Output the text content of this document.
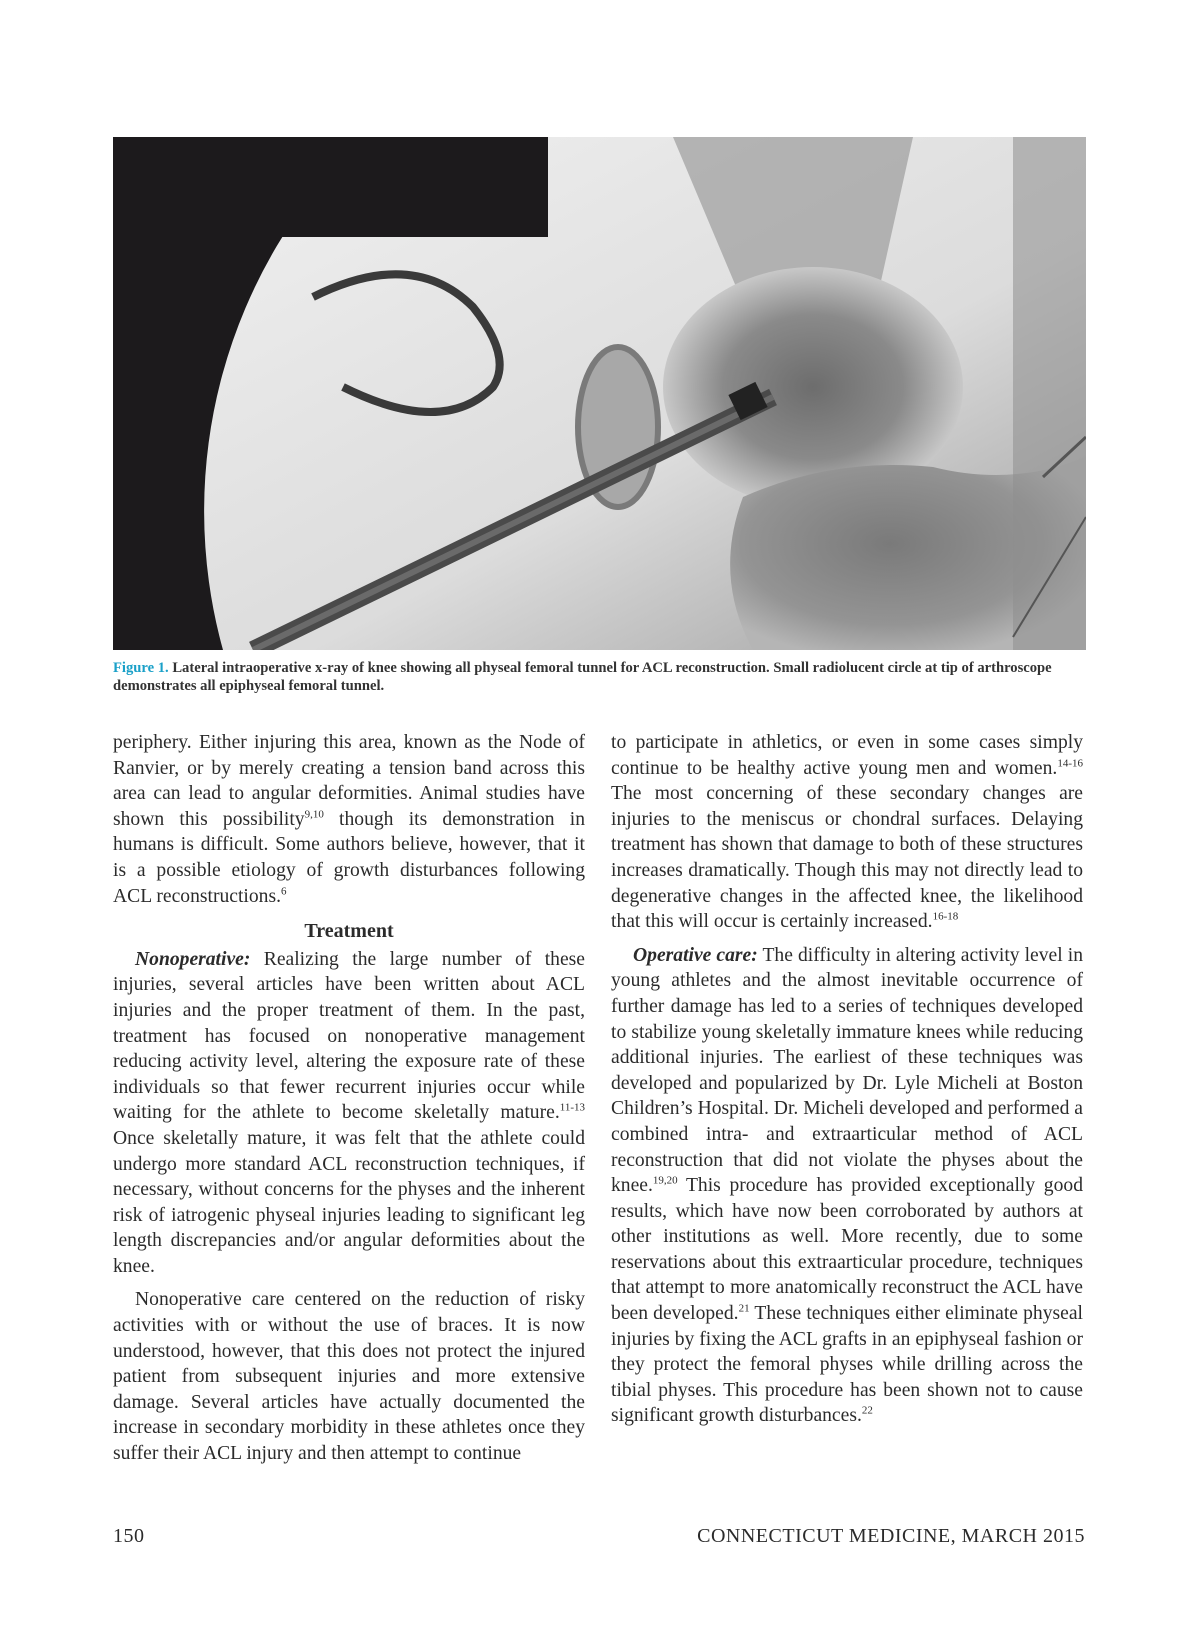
Figure 1. Lateral intraoperative x-ray of knee showing all physeal femoral tunnel for ACL reconstruction. Small radiolucent circle at tip of arthroscope demonstrates all epiphyseal femoral tunnel.

periphery. Either injuring this area, known as the Node of Ranvier, or by merely creating a tension band across this area can lead to angular deformities. Animal studies have shown this possibility$^{9,10}$ though its demonstration in humans is difficult. Some authors believe, however, that it is a possible etiology of growth disturbances following ACL reconstructions.$^6$

Treatment

Nonoperative: Realizing the large number of these injuries, several articles have been written about ACL injuries and the proper treatment of them. In the past, treatment has focused on nonoperative management reducing activity level, altering the exposure rate of these individuals so that fewer recurrent injuries occur while waiting for the athlete to become skeletally mature.$^{11-13}$ Once skeletally mature, it was felt that the athlete could undergo more standard ACL reconstruction techniques, if necessary, without concerns for the physes and the inherent risk of iatrogenic physeal injuries leading to significant leg length discrepancies and/or angular deformities about the knee.

Nonoperative care centered on the reduction of risky activities with or without the use of braces. It is now understood, however, that this does not protect the injured patient from subsequent injuries and more extensive damage. Several articles have actually documented the increase in secondary morbidity in these athletes once they suffer their ACL injury and then attempt to continue

to participate in athletics, or even in some cases simply continue to be healthy active young men and women.$^{14-16}$ The most concerning of these secondary changes are injuries to the meniscus or chondral surfaces. Delaying treatment has shown that damage to both of these structures increases dramatically. Though this may not directly lead to degenerative changes in the affected knee, the likelihood that this will occur is certainly increased.$^{16-18}$

Operative care: The difficulty in altering activity level in young athletes and the almost inevitable occurrence of further damage has led to a series of techniques developed to stabilize young skeletally immature knees while reducing additional injuries. The earliest of these techniques was developed and popularized by Dr. Lyle Micheli at Boston Children’s Hospital. Dr. Micheli developed and performed a combined intra- and extraarticular method of ACL reconstruction that did not violate the physes about the knee.$^{19,20}$ This procedure has provided exceptionally good results, which have now been corroborated by authors at other institutions as well. More recently, due to some reservations about this extraarticular procedure, techniques that attempt to more anatomically reconstruct the ACL have been developed.$^{21}$ These techniques either eliminate physeal injuries by fixing the ACL grafts in an epiphyseal fashion or they protect the femoral physes while drilling across the tibial physes. This procedure has been shown not to cause significant growth disturbances.$^{22}$

150	CONNECTICUT MEDICINE, MARCH 2015
